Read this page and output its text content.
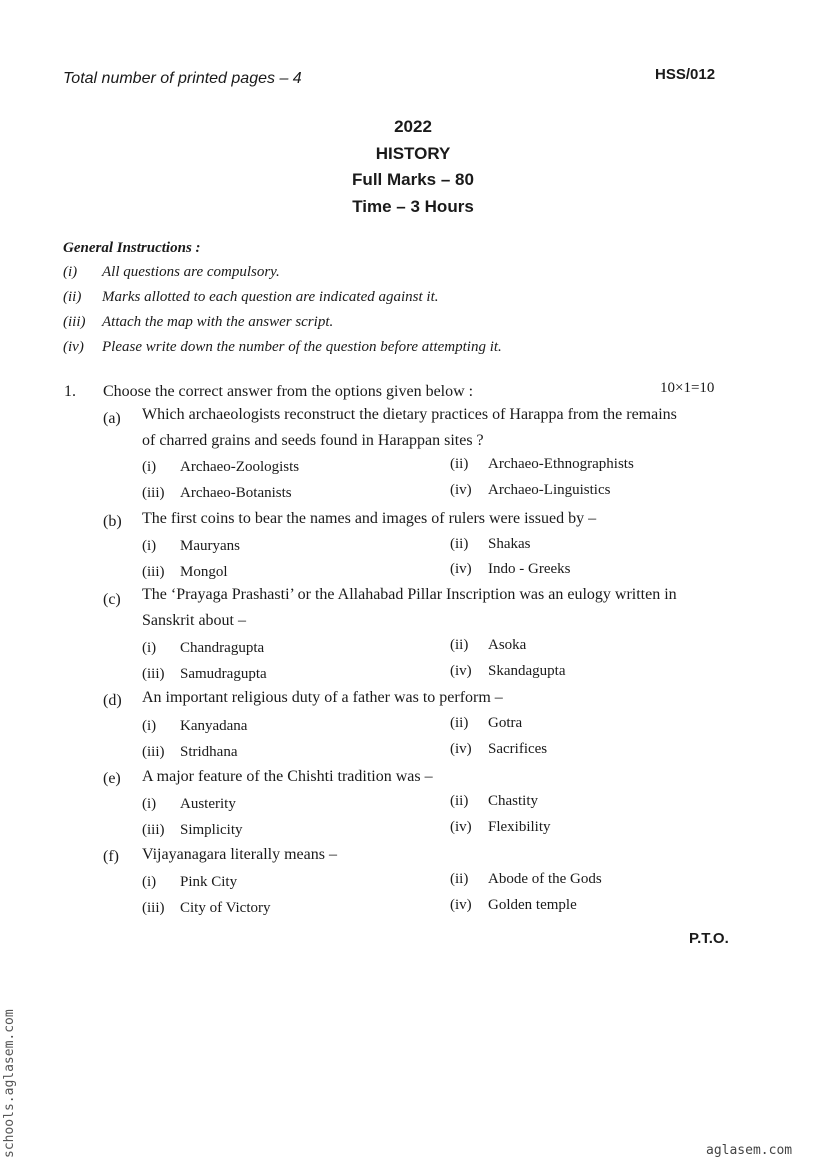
Total number of printed pages – 4	HSS/012
2022
HISTORY
Full Marks – 80
Time – 3 Hours
General Instructions :
(i) All questions are compulsory.
(ii) Marks allotted to each question are indicated against it.
(iii) Attach the map with the answer script.
(iv) Please write down the number of the question before attempting it.
1. Choose the correct answer from the options given below :	10×1=10
(a) Which archaeologists reconstruct the dietary practices of Harappa from the remains
of charred grains and seeds found in Harappan sites ?
(i) Archaeo-Zoologists	(ii) Archaeo-Ethnographists
(iii) Archaeo-Botanists	(iv) Archaeo-Linguistics
(b) The first coins to bear the names and images of rulers were issued by –
(i) Mauryans	(ii) Shakas
(iii) Mongol	(iv) Indo - Greeks
(c) The ‘Prayaga Prashasti’ or the Allahabad Pillar Inscription was an eulogy written in
Sanskrit about –
(i) Chandragupta	(ii) Asoka
(iii) Samudragupta	(iv) Skandagupta
(d) An important religious duty of a father was to perform –
(i) Kanyadana	(ii) Gotra
(iii) Stridhana	(iv) Sacrifices
(e) A major feature of the Chishti tradition was –
(i) Austerity	(ii) Chastity
(iii) Simplicity	(iv) Flexibility
(f) Vijayanagara literally means –
(i) Pink City	(ii) Abode of the Gods
(iii) City of Victory	(iv) Golden temple
P.T.O.
schools.aglasem.com	aglasem.com
